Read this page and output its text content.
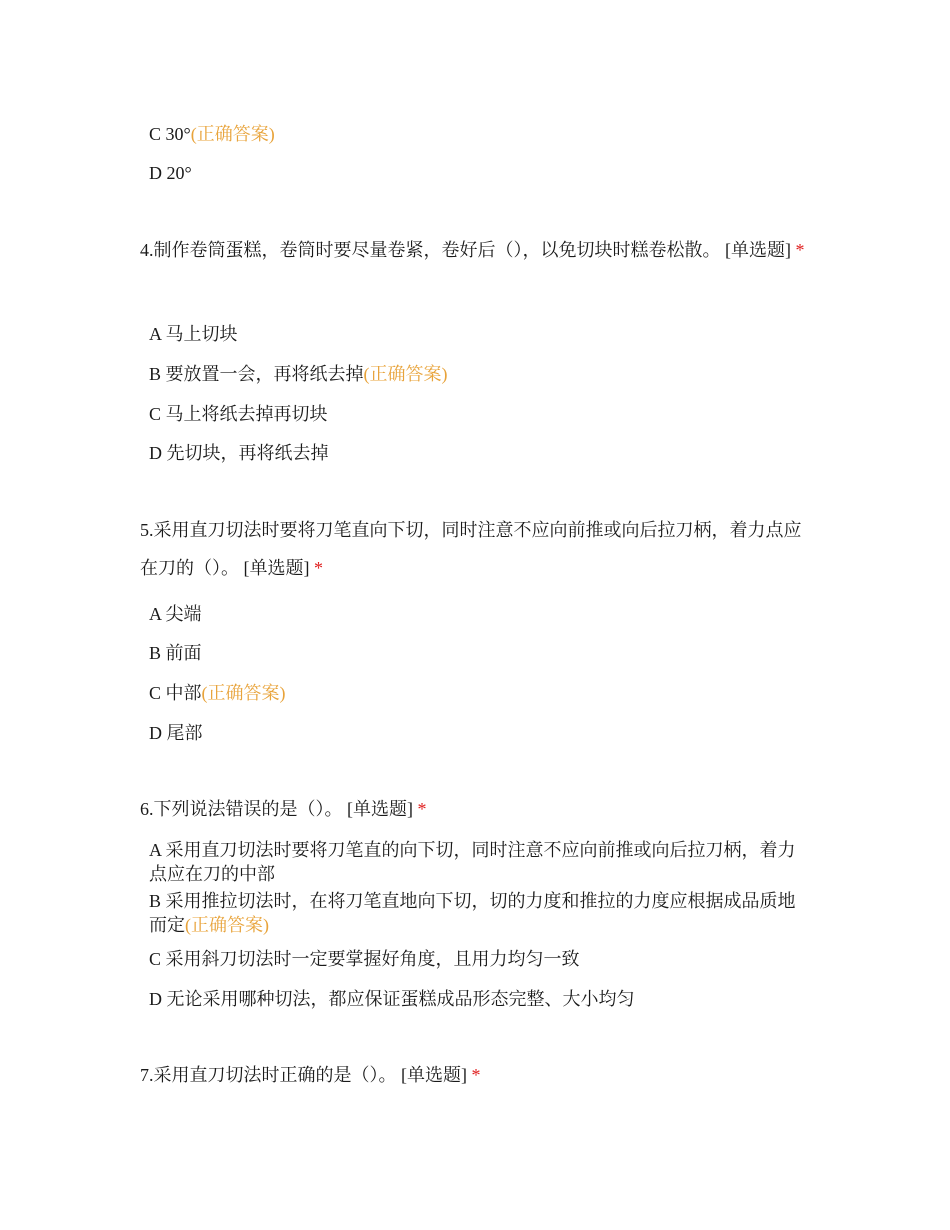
C 30°(正确答案)
D 20°
4.制作卷筒蛋糕，卷筒时要尽量卷紧，卷好后（），以免切块时糕卷松散。 [单选题] *
A 马上切块
B 要放置一会，再将纸去掉(正确答案)
C 马上将纸去掉再切块
D 先切块，再将纸去掉
5.采用直刀切法时要将刀笔直向下切，同时注意不应向前推或向后拉刀柄，着力点应在刀的（）。 [单选题] *
A 尖端
B 前面
C 中部(正确答案)
D 尾部
6.下列说法错误的是（）。 [单选题] *
A 采用直刀切法时要将刀笔直的向下切，同时注意不应向前推或向后拉刀柄，着力点应在刀的中部
B 采用推拉切法时，在将刀笔直地向下切，切的力度和推拉的力度应根据成品质地而定(正确答案)
C 采用斜刀切法时一定要掌握好角度，且用力均匀一致
D 无论采用哪种切法，都应保证蛋糕成品形态完整、大小均匀
7.采用直刀切法时正确的是（）。 [单选题] *
